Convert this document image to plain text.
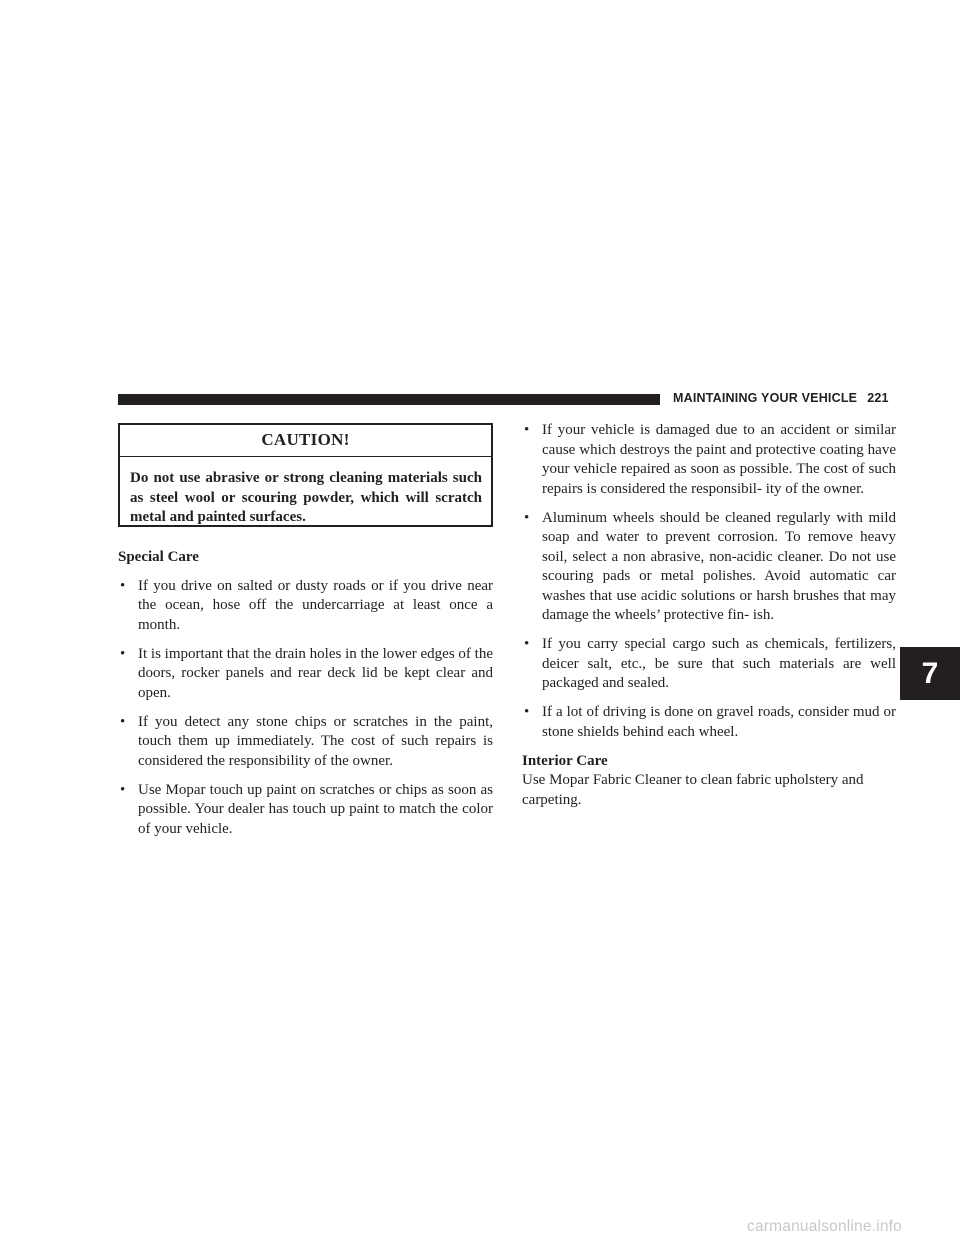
MAINTAINING YOUR VEHICLE 221
CAUTION!
Do not use abrasive or strong cleaning materials such as steel wool or scouring powder, which will scratch metal and painted surfaces.
Special Care
• If you drive on salted or dusty roads or if you drive near the ocean, hose off the undercarriage at least once a month.
• It is important that the drain holes in the lower edges of the doors, rocker panels and rear deck lid be kept clear and open.
• If you detect any stone chips or scratches in the paint, touch them up immediately. The cost of such repairs is considered the responsibility of the owner.
• Use Mopar touch up paint on scratches or chips as soon as possible. Your dealer has touch up paint to match the color of your vehicle.
• If your vehicle is damaged due to an accident or similar cause which destroys the paint and protective coating have your vehicle repaired as soon as possible. The cost of such repairs is considered the responsibil- ity of the owner.
• Aluminum wheels should be cleaned regularly with mild soap and water to prevent corrosion. To remove heavy soil, select a non abrasive, non-acidic cleaner. Do not use scouring pads or metal polishes. Avoid automatic car washes that use acidic solutions or harsh brushes that may damage the wheels’ protective fin- ish.
• If you carry special cargo such as chemicals, fertilizers, deicer salt, etc., be sure that such materials are well packaged and sealed.
• If a lot of driving is done on gravel roads, consider mud or stone shields behind each wheel.
Interior Care

Use Mopar Fabric Cleaner to clean fabric upholstery and carpeting.

7
carmanualsonline.info
